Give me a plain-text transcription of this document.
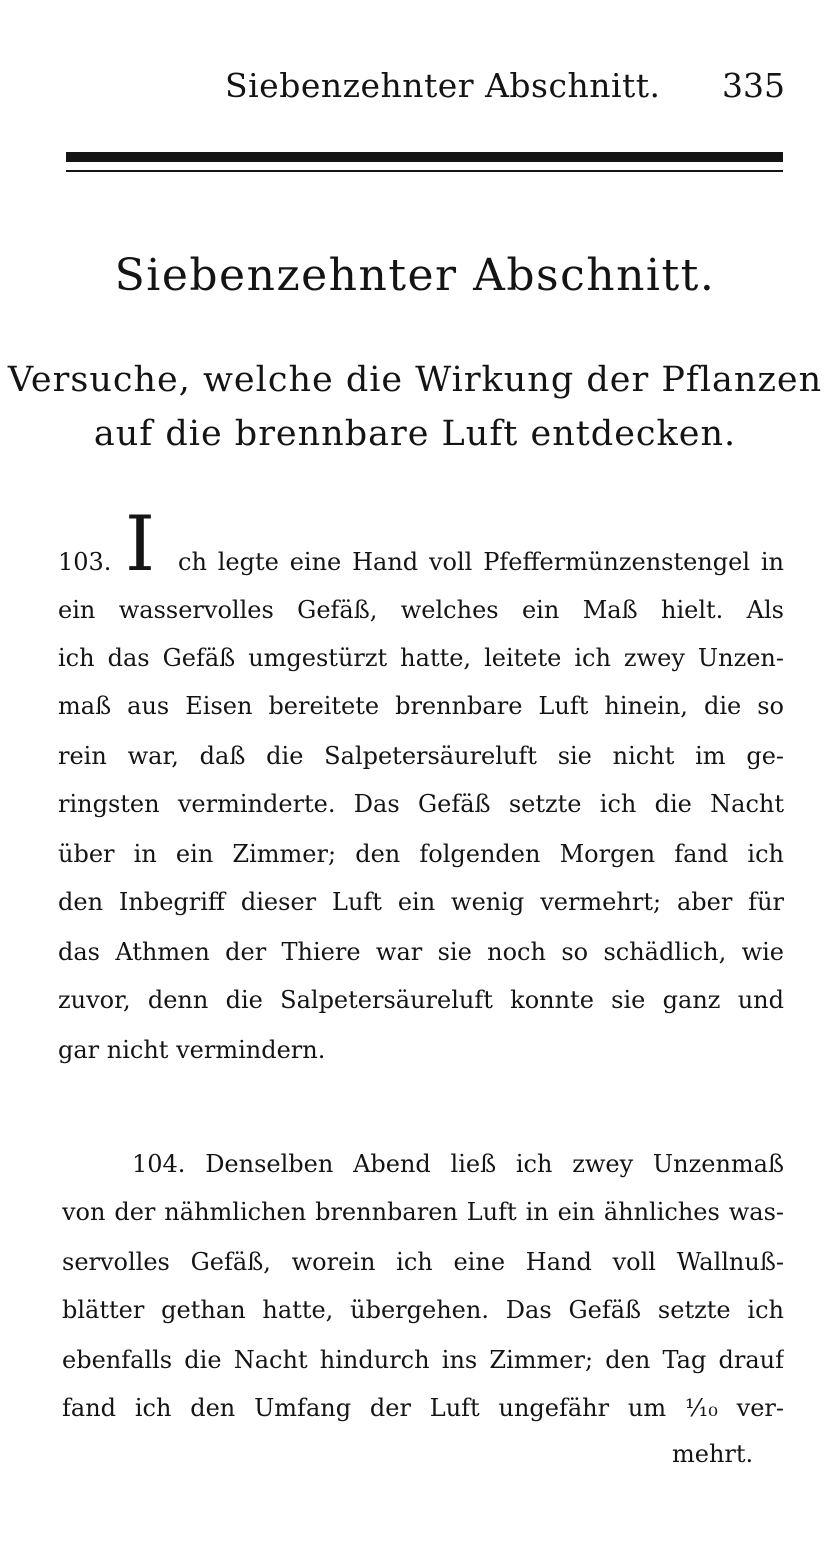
Siebenzehnter Abschnitt. 335
Siebenzehnter Abschnitt.
Versuche, welche die Wirkung der Pflanzen
auf die brennbare Luft entdecken.
103. I ch legte eine Hand voll Pfeffermünzenstengel in
ein wasservolles Gefäß, welches ein Maß hielt. Als
ich das Gefäß umgestürzt hatte, leitete ich zwey Unzen-
maß aus Eisen bereitete brennbare Luft hinein, die so
rein war, daß die Salpetersäureluft sie nicht im ge-
ringsten verminderte. Das Gefäß setzte ich die Nacht
über in ein Zimmer; den folgenden Morgen fand ich
den Inbegriff dieser Luft ein wenig vermehrt; aber für
das Athmen der Thiere war sie noch so schädlich, wie
zuvor, denn die Salpetersäureluft konnte sie ganz und
gar nicht vermindern.
104. Denselben Abend ließ ich zwey Unzenmaß
von der nähmlichen brennbaren Luft in ein ähnliches was-
servolles Gefäß, worein ich eine Hand voll Wallnuß-
blätter gethan hatte, übergehen. Das Gefäß setzte ich
ebenfalls die Nacht hindurch ins Zimmer; den Tag drauf
fand ich den Umfang der Luft ungefähr um ¹⁄₁₀ ver-
mehrt.
